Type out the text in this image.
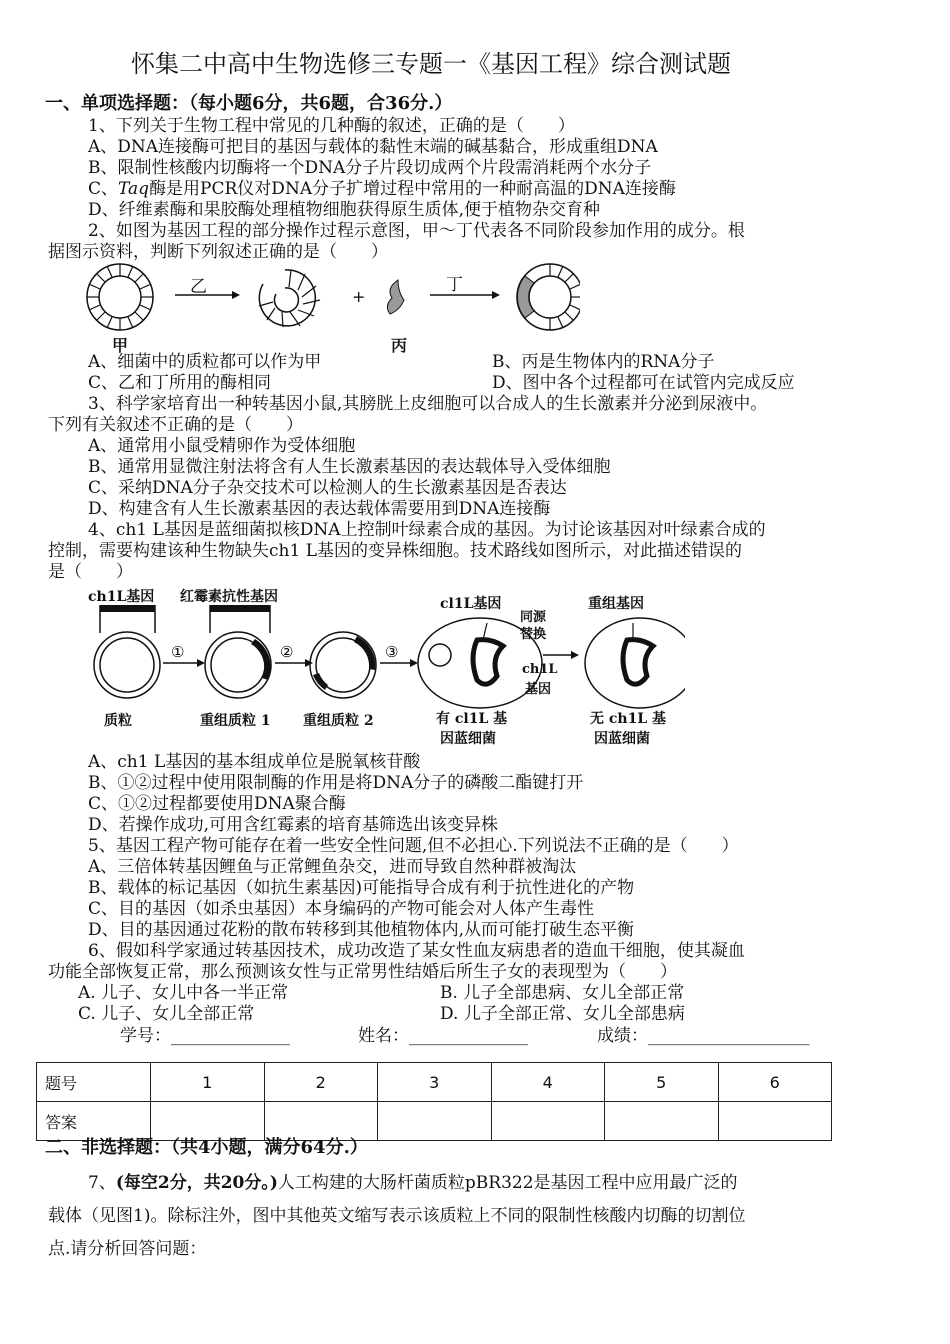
怀集二中高中生物选修三专题一《基因工程》综合测试题
一、单项选择题：（每小题6分，共6题，合36分.）
1、下列关于生物工程中常见的几种酶的叙述，正确的是（　　）
A、DNA连接酶可把目的基因与载体的黏性末端的碱基黏合，形成重组DNA
B、限制性核酸内切酶将一个DNA分子片段切成两个片段需消耗两个水分子
C、Taq酶是用PCR仪对DNA分子扩增过程中常用的一种耐高温的DNA连接酶
D、纤维素酶和果胶酶处理植物细胞获得原生质体,便于植物杂交育种
2、如图为基因工程的部分操作过程示意图，甲～丁代表各不同阶段参加作用的成分。根
据图示资料，判断下列叙述正确的是（　　）
+
乙	丁
甲	丙
A、细菌中的质粒都可以作为甲	B、丙是生物体内的RNA分子
C、乙和丁所用的酶相同	D、图中各个过程都可在试管内完成反应
3、科学家培育出一种转基因小鼠,其膀胱上皮细胞可以合成人的生长激素并分泌到尿液中。
下列有关叙述不正确的是（　　）
A、通常用小鼠受精卵作为受体细胞
B、通常用显微注射法将含有人生长激素基因的表达载体导入受体细胞
C、采纳DNA分子杂交技术可以检测人的生长激素基因是否表达
D、构建含有人生长激素基因的表达载体需要用到DNA连接酶
4、ch1 L基因是蓝细菌拟核DNA上控制叶绿素合成的基因。为讨论该基因对叶绿素合成的
控制，需要构建该种生物缺失ch1 L基因的变异株细胞。技术路线如图所示，对此描述错误的
是（　　）
①	②	③
ch1L基因 红霉素抗性基因	cl1L基因	重组基因
同源
替换
ch1L
基因
质粒	重组质粒 1 重组质粒 2	有 cl1L 基
因蓝细菌
无 ch1L 基
因蓝细菌
A、ch1 L基因的基本组成单位是脱氧核苷酸
B、①②过程中使用限制酶的作用是将DNA分子的磷酸二酯键打开
C、①②过程都要使用DNA聚合酶
D、若操作成功,可用含红霉素的培育基筛选出该变异株
5、基因工程产物可能存在着一些安全性问题,但不必担心.下列说法不正确的是（　　）
A、三倍体转基因鲤鱼与正常鲤鱼杂交，进而导致自然种群被淘汰
B、载体的标记基因（如抗生素基因)可能指导合成有利于抗性进化的产物
C、目的基因（如杀虫基因）本身编码的产物可能会对人体产生毒性
D、目的基因通过花粉的散布转移到其他植物体内,从而可能打破生态平衡
6、假如科学家通过转基因技术，成功改造了某女性血友病患者的造血干细胞，使其凝血
功能全部恢复正常，那么预测该女性与正常男性结婚后所生子女的表现型为（　　）
A. 儿子、女儿中各一半正常	B. 儿子全部患病、女儿全部正常
C. 儿子、女儿全部正常	D. 儿子全部正常、女儿全部患病
学号：______________	姓名：______________	成绩：___________________
题号	1	2	3	4	5	6
答案						
二、非选择题：（共4小题，满分64分.）
7、(每空2分，共20分。)人工构建的大肠杆菌质粒pBR322是基因工程中应用最广泛的
载体（见图1)。除标注外，图中其他英文缩写表示该质粒上不同的限制性核酸内切酶的切割位
点.请分析回答问题：
